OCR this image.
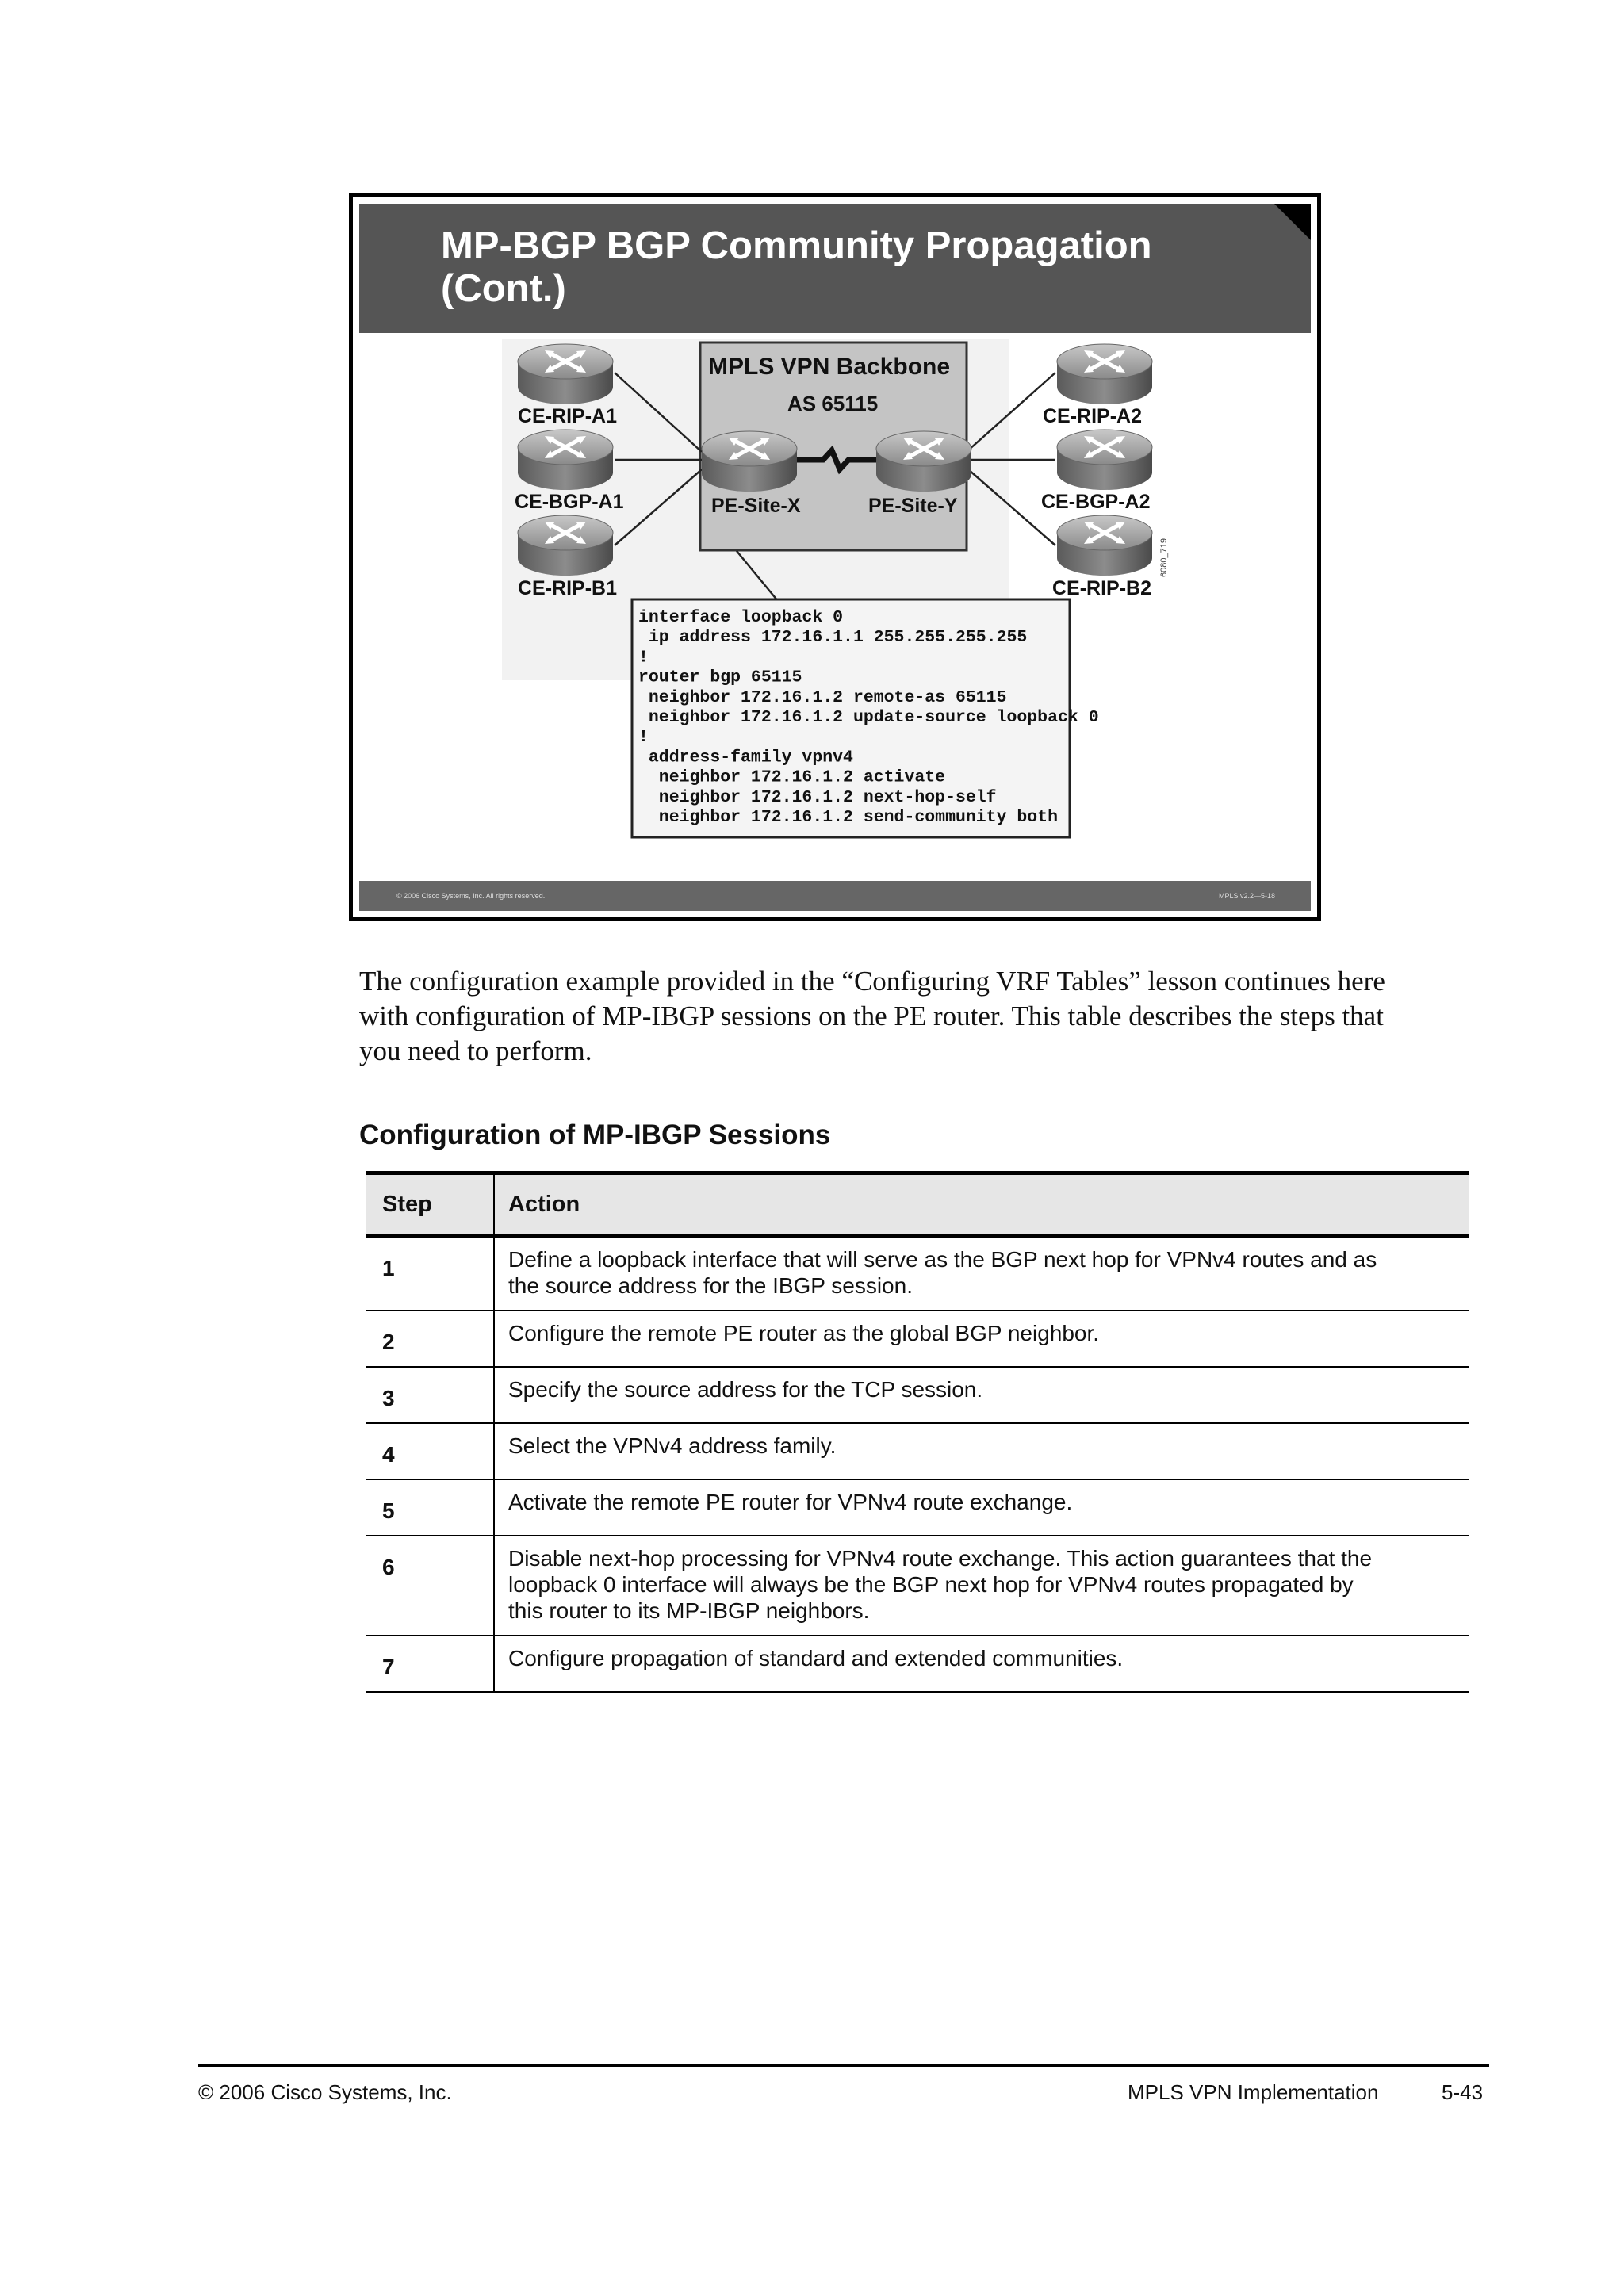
MP-BGP BGP Community Propagation
(Cont.)
MPLS VPN Backbone
AS 65115
CE-RIP-A1
CE-BGP-A1
CE-RIP-B1
PE-Site-X	PE-Site-Y
CE-RIP-A2
CE-BGP-A2
CE-RIP-B2
6080_719
interface loopback 0
ip address 172.16.1.1 255.255.255.255
!
router bgp 65115
neighbor 172.16.1.2 remote-as 65115
neighbor 172.16.1.2 update-source loopback 0
!
address-family vpnv4
neighbor 172.16.1.2 activate
neighbor 172.16.1.2 next-hop-self
neighbor 172.16.1.2 send-community both
© 2006 Cisco Systems, Inc. All rights reserved.	MPLS v2.2—5-18
The configuration example provided in the “Configuring VRF Tables” lesson continues here
with configuration of MP-IBGP sessions on the PE router. This table describes the steps that
you need to perform.
Configuration of MP-IBGP Sessions
Step	Action
1	Define a loopback interface that will serve as the BGP next hop for VPNv4 routes and as
the source address for the IBGP session.

2	Configure the remote PE router as the global BGP neighbor.

3	Specify the source address for the TCP session.

4	Select the VPNv4 address family.

5	Activate the remote PE router for VPNv4 route exchange.

6	Disable next-hop processing for VPNv4 route exchange. This action guarantees that the
loopback 0 interface will always be the BGP next hop for VPNv4 routes propagated by
this router to its MP-IBGP neighbors.

7	Configure propagation of standard and extended communities.
© 2006 Cisco Systems, Inc.	MPLS VPN Implementation	5-43
